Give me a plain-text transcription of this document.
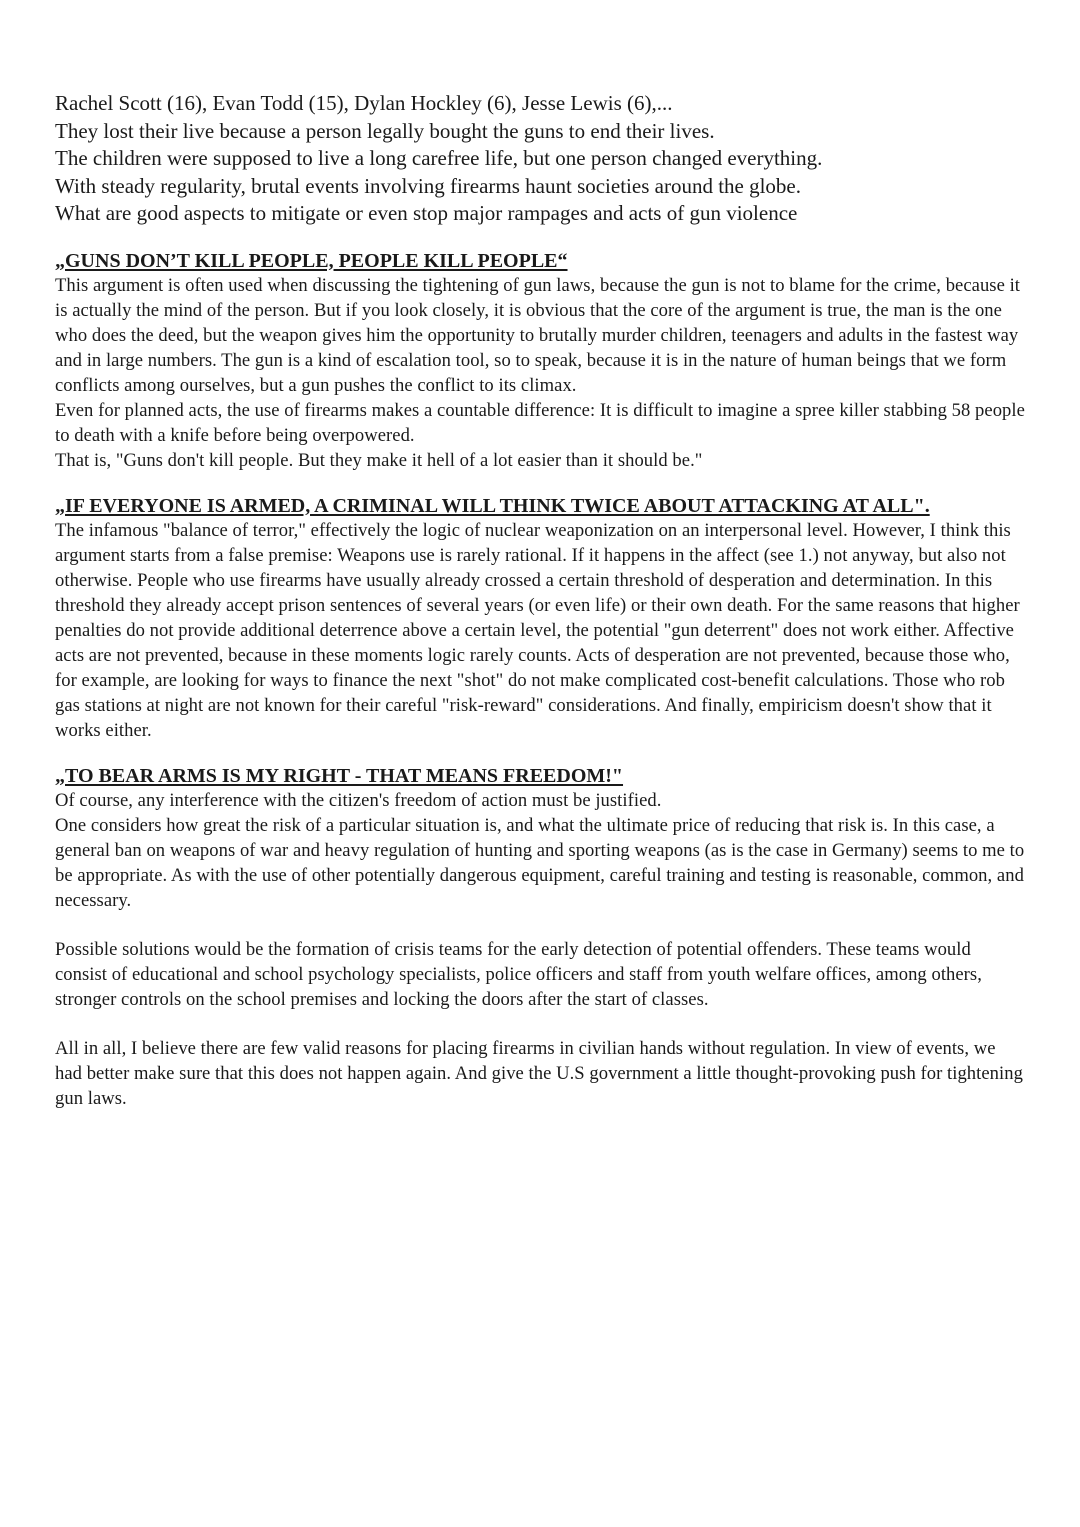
Rachel Scott (16), Evan Todd (15), Dylan Hockley (6), Jesse Lewis (6),...

They lost their live because a person legally bought the guns to end their lives.

The children were supposed to live a long carefree life, but one person changed everything.

With steady regularity, brutal events involving firearms haunt societies around the globe.

What are good aspects to mitigate or even stop major rampages and acts of gun violence

„GUNS DON’T KILL PEOPLE, PEOPLE KILL PEOPLE“

This argument is often used when discussing the tightening of gun laws, because the gun is not to blame for the crime, because it is actually the mind of the person. But if you look closely, it is obvious that the core of the argument is true, the man is the one who does the deed, but the weapon gives him the opportunity to brutally murder children, teenagers and adults in the fastest way and in large numbers. The gun is a kind of escalation tool, so to speak, because it is in the nature of human beings that we form conflicts among ourselves, but a gun pushes the conflict to its climax.

Even for planned acts, the use of firearms makes a countable difference: It is difficult to imagine a spree killer stabbing 58 people to death with a knife before being overpowered.

That is, "Guns don't kill people. But they make it hell of a lot easier than it should be."

„IF EVERYONE IS ARMED, A CRIMINAL WILL THINK TWICE ABOUT ATTACKING AT ALL".

The infamous "balance of terror," effectively the logic of nuclear weaponization on an interpersonal level. However, I think this argument starts from a false premise: Weapons use is rarely rational. If it happens in the affect (see 1.) not anyway, but also not otherwise. People who use firearms have usually already crossed a certain threshold of desperation and determination. In this threshold they already accept prison sentences of several years (or even life) or their own death. For the same reasons that higher penalties do not provide additional deterrence above a certain level, the potential "gun deterrent" does not work either. Affective acts are not prevented, because in these moments logic rarely counts. Acts of desperation are not prevented, because those who, for example, are looking for ways to finance the next "shot" do not make complicated cost-benefit calculations. Those who rob gas stations at night are not known for their careful "risk-reward" considerations. And finally, empiricism doesn't show that it works either.

„TO BEAR ARMS IS MY RIGHT - THAT MEANS FREEDOM!"

Of course, any interference with the citizen's freedom of action must be justified.

One considers how great the risk of a particular situation is, and what the ultimate price of reducing that risk is. In this case, a general ban on weapons of war and heavy regulation of hunting and sporting weapons (as is the case in Germany) seems to me to be appropriate. As with the use of other potentially dangerous equipment, careful training and testing is reasonable, common, and necessary.

Possible solutions would be the formation of crisis teams for the early detection of potential offenders. These teams would consist of educational and school psychology specialists, police officers and staff from youth welfare offices, among others, stronger controls on the school premises and locking the doors after the start of classes.

All in all, I believe there are few valid reasons for placing firearms in civilian hands without regulation. In view of events, we had better make sure that this does not happen again. And give the U.S government a little thought-provoking push for tightening gun laws.
